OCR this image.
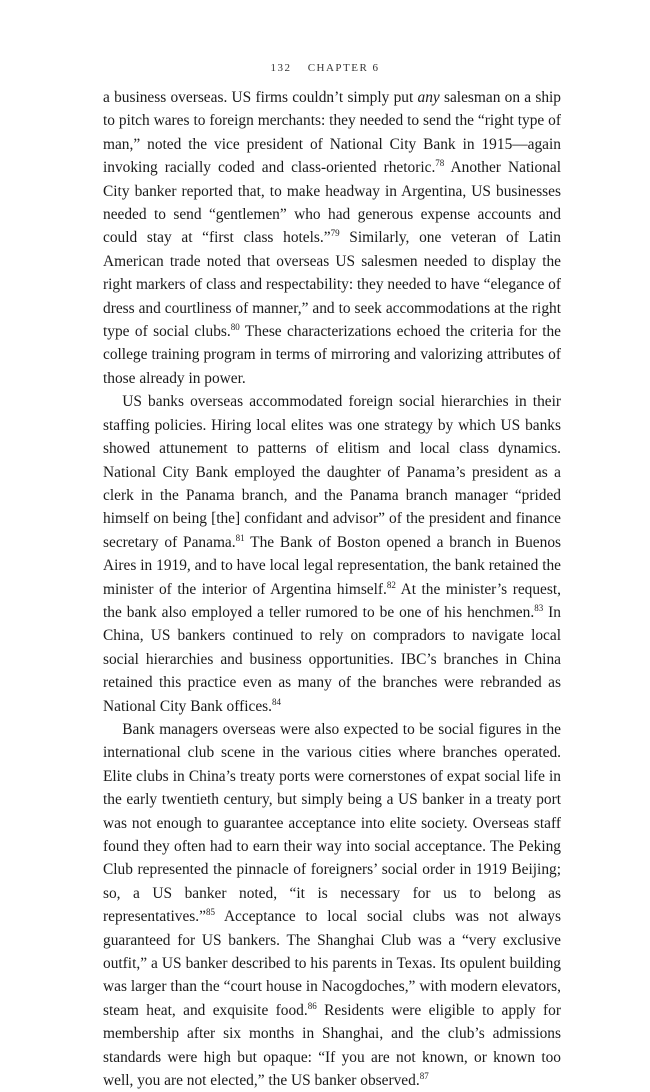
132 CHAPTER 6

a business overseas. US firms couldn’t simply put any salesman on a ship to pitch wares to foreign merchants: they needed to send the “right type of man,” noted the vice president of National City Bank in 1915—again invoking racially coded and class-oriented rhetoric.$^{78}$ Another National City banker reported that, to make headway in Argentina, US businesses needed to send “gentlemen” who had generous expense accounts and could stay at “first class hotels.”$^{79}$ Similarly, one veteran of Latin American trade noted that overseas US salesmen needed to display the right markers of class and respectability: they needed to have “elegance of dress and courtliness of manner,” and to seek accommodations at the right type of social clubs.$^{80}$ These characterizations echoed the criteria for the college training program in terms of mirroring and valorizing attributes of those already in power.

US banks overseas accommodated foreign social hierarchies in their staffing policies. Hiring local elites was one strategy by which US banks showed attunement to patterns of elitism and local class dynamics. National City Bank employed the daughter of Panama’s president as a clerk in the Panama branch, and the Panama branch manager “prided himself on being [the] confidant and advisor” of the president and finance secretary of Panama.$^{81}$ The Bank of Boston opened a branch in Buenos Aires in 1919, and to have local legal representation, the bank retained the minister of the interior of Argentina himself.$^{82}$ At the minister’s request, the bank also employed a teller rumored to be one of his henchmen.$^{83}$ In China, US bankers continued to rely on compradors to navigate local social hierarchies and business opportunities. IBC’s branches in China retained this practice even as many of the branches were rebranded as National City Bank offices.$^{84}$

Bank managers overseas were also expected to be social figures in the international club scene in the various cities where branches operated. Elite clubs in China’s treaty ports were cornerstones of expat social life in the early twentieth century, but simply being a US banker in a treaty port was not enough to guarantee acceptance into elite society. Overseas staff found they often had to earn their way into social acceptance. The Peking Club represented the pinnacle of foreigners’ social order in 1919 Beijing; so, a US banker noted, “it is necessary for us to belong as representatives.”$^{85}$ Acceptance to local social clubs was not always guaranteed for US bankers. The Shanghai Club was a “very exclusive outfit,” a US banker described to his parents in Texas. Its opulent building was larger than the “court house in Nacogdoches,” with modern elevators, steam heat, and exquisite food.$^{86}$ Residents were eligible to apply for membership after six months in Shanghai, and the club’s admissions standards were high but opaque: “If you are not known, or known too well, you are not elected,” the US banker observed.$^{87}$
